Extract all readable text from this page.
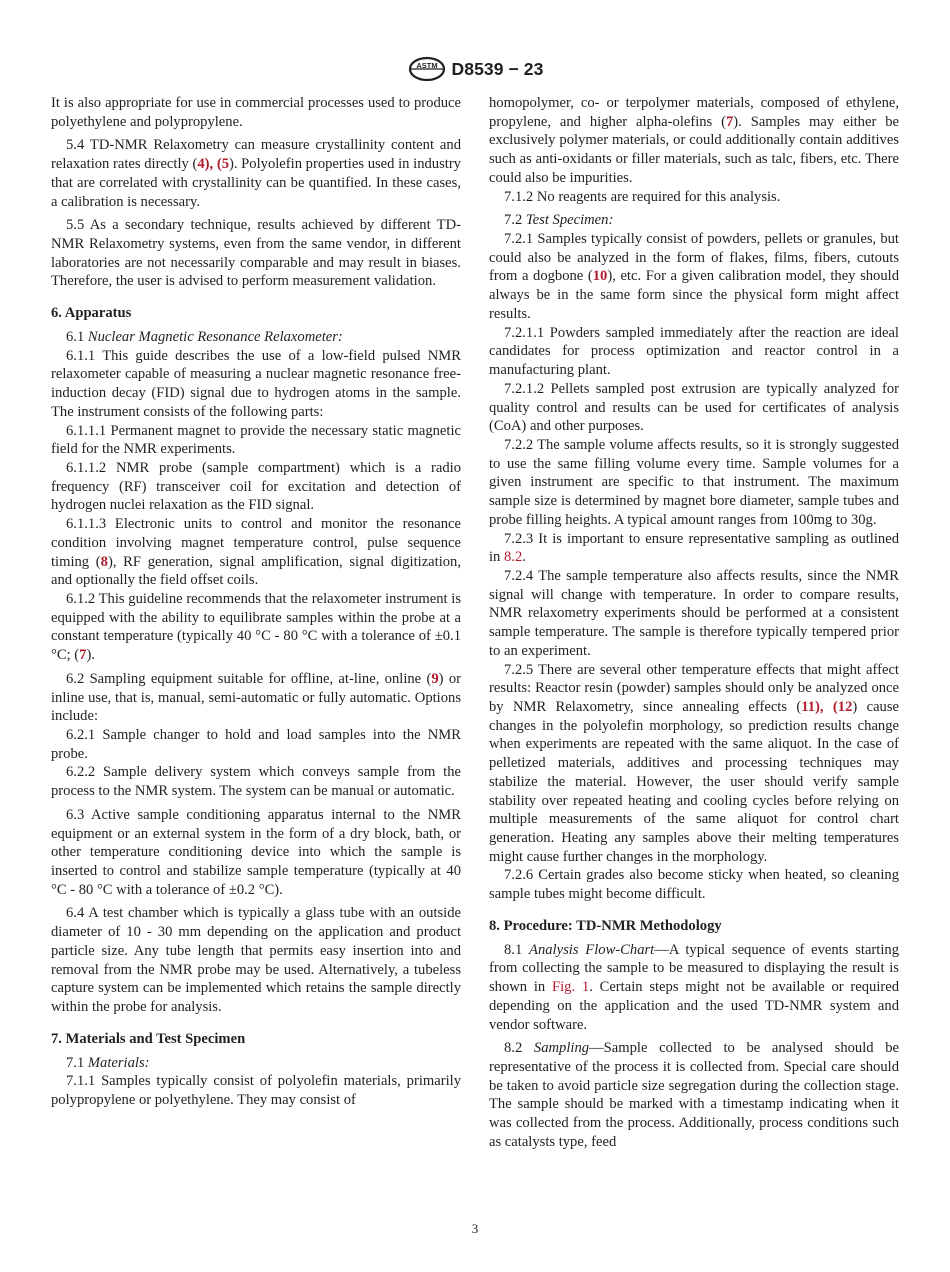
ASTM D8539 − 23

It is also appropriate for use in commercial processes used to produce polyethylene and polypropylene.

5.4 TD-NMR Relaxometry can measure crystallinity content and relaxation rates directly (4), (5). Polyolefin properties used in industry that are correlated with crystallinity can be quantified. In these cases, a calibration is necessary.

5.5 As a secondary technique, results achieved by different TD-NMR Relaxometry systems, even from the same vendor, in different laboratories are not necessarily comparable and may result in biases. Therefore, the user is advised to perform measurement validation.

6. Apparatus

6.1 Nuclear Magnetic Resonance Relaxometer:

6.1.1 This guide describes the use of a low-field pulsed NMR relaxometer capable of measuring a nuclear magnetic resonance free-induction decay (FID) signal due to hydrogen atoms in the sample. The instrument consists of the following parts:

6.1.1.1 Permanent magnet to provide the necessary static magnetic field for the NMR experiments.

6.1.1.2 NMR probe (sample compartment) which is a radio frequency (RF) transceiver coil for excitation and detection of hydrogen nuclei relaxation as the FID signal.

6.1.1.3 Electronic units to control and monitor the resonance condition involving magnet temperature control, pulse sequence timing (8), RF generation, signal amplification, signal digitization, and optionally the field offset coils.

6.1.2 This guideline recommends that the relaxometer instrument is equipped with the ability to equilibrate samples within the probe at a constant temperature (typically 40 °C - 80 °C with a tolerance of ±0.1 °C; (7).

6.2 Sampling equipment suitable for offline, at-line, online (9) or inline use, that is, manual, semi-automatic or fully automatic. Options include:

6.2.1 Sample changer to hold and load samples into the NMR probe.

6.2.2 Sample delivery system which conveys sample from the process to the NMR system. The system can be manual or automatic.

6.3 Active sample conditioning apparatus internal to the NMR equipment or an external system in the form of a dry block, bath, or other temperature conditioning device into which the sample is inserted to control and stabilize sample temperature (typically at 40 °C - 80 °C with a tolerance of ±0.2 °C).

6.4 A test chamber which is typically a glass tube with an outside diameter of 10 - 30 mm depending on the application and product particle size. Any tube length that permits easy insertion into and removal from the NMR probe may be used. Alternatively, a tubeless capture system can be implemented which retains the sample directly within the probe for analysis.

7. Materials and Test Specimen

7.1 Materials:

7.1.1 Samples typically consist of polyolefin materials, primarily polypropylene or polyethylene. They may consist of

homopolymer, co- or terpolymer materials, composed of ethylene, propylene, and higher alpha-olefins (7). Samples may either be exclusively polymer materials, or could additionally contain additives such as anti-oxidants or filler materials, such as talc, fibers, etc. There could also be impurities.

7.1.2 No reagents are required for this analysis.

7.2 Test Specimen:

7.2.1 Samples typically consist of powders, pellets or granules, but could also be analyzed in the form of flakes, films, fibers, cutouts from a dogbone (10), etc. For a given calibration model, they should always be in the same form since the physical form might affect results.

7.2.1.1 Powders sampled immediately after the reaction are ideal candidates for process optimization and reactor control in a manufacturing plant.

7.2.1.2 Pellets sampled post extrusion are typically analyzed for quality control and results can be used for certificates of analysis (CoA) and other purposes.

7.2.2 The sample volume affects results, so it is strongly suggested to use the same filling volume every time. Sample volumes for a given instrument are specific to that instrument. The maximum sample size is determined by magnet bore diameter, sample tubes and probe filling heights. A typical amount ranges from 100mg to 30g.

7.2.3 It is important to ensure representative sampling as outlined in 8.2.

7.2.4 The sample temperature also affects results, since the NMR signal will change with temperature. In order to compare results, NMR relaxometry experiments should be performed at a consistent sample temperature. The sample is therefore typically tempered prior to an experiment.

7.2.5 There are several other temperature effects that might affect results: Reactor resin (powder) samples should only be analyzed once by NMR Relaxometry, since annealing effects (11), (12) cause changes in the polyolefin morphology, so prediction results change when experiments are repeated with the same aliquot. In the case of pelletized materials, additives and processing techniques may stabilize the material. However, the user should verify sample stability over repeated heating and cooling cycles before relying on multiple measurements of the same aliquot for control chart generation. Heating any samples above their melting temperatures might cause further changes in the morphology.

7.2.6 Certain grades also become sticky when heated, so cleaning sample tubes might become difficult.

8. Procedure: TD-NMR Methodology

8.1 Analysis Flow-Chart—A typical sequence of events starting from collecting the sample to be measured to displaying the result is shown in Fig. 1. Certain steps might not be available or required depending on the application and the used TD-NMR system and vendor software.

8.2 Sampling—Sample collected to be analysed should be representative of the process it is collected from. Special care should be taken to avoid particle size segregation during the collection stage. The sample should be marked with a timestamp indicating when it was collected from the process. Additionally, process conditions such as catalysts type, feed

3
